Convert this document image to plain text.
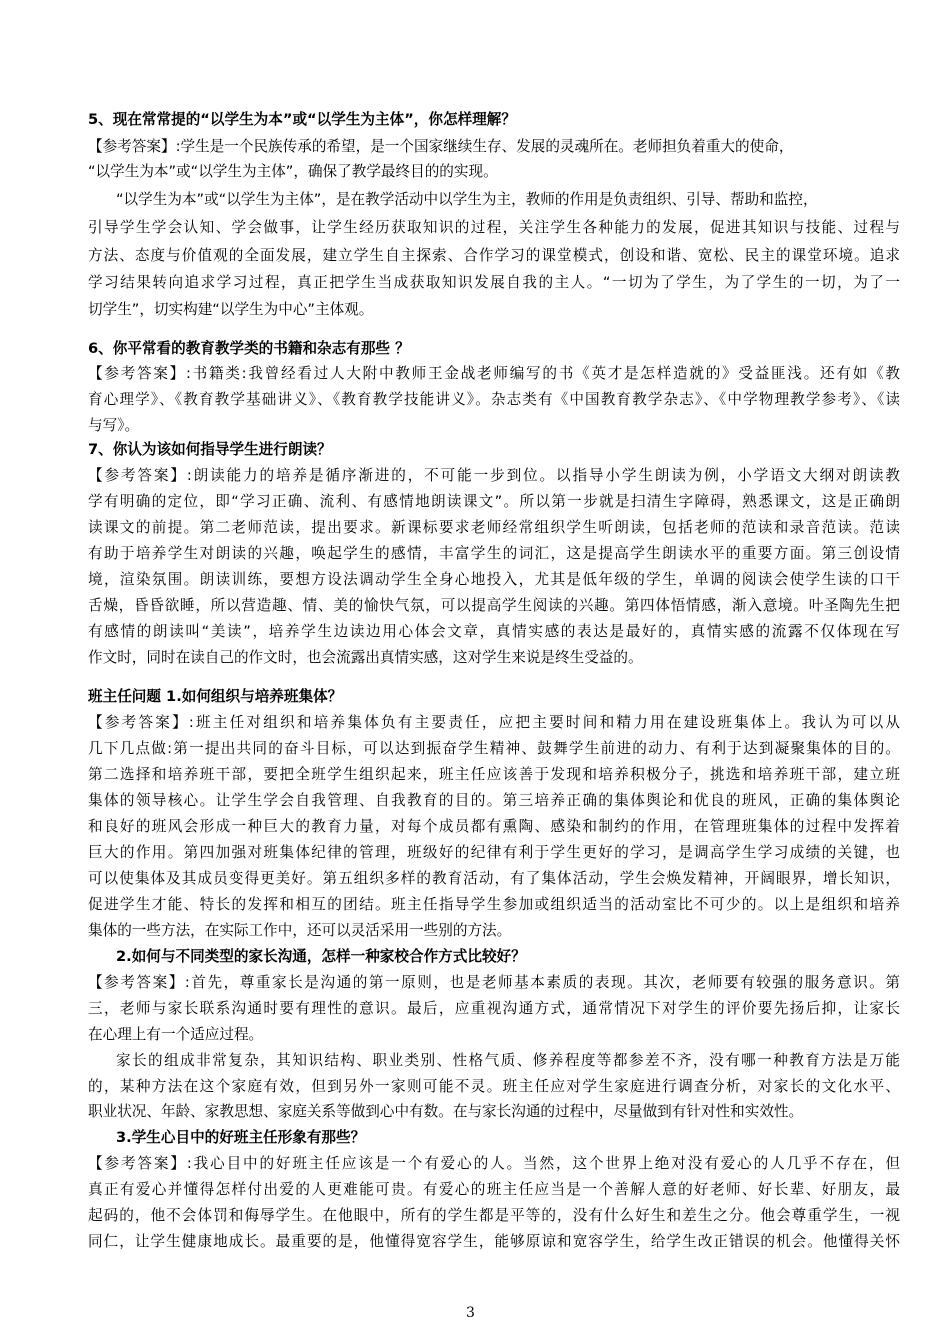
5、现在常常提的“以学生为本”或“以学生为主体”，你怎样理解？
【参考答案】:学生是一个民族传承的希望，是一个国家继续生存、发展的灵魂所在。老师担负着重大的使命，
“以学生为本”或“以学生为主体”，确保了教学最终目的的实现。
“以学生为本”或“以学生为主体”，是在教学活动中以学生为主，教师的作用是负责组织、引导、帮助和监控，
引导学生学会认知、学会做事，让学生经历获取知识的过程，关注学生各种能力的发展，促进其知识与技能、过程与
方法、态度与价值观的全面发展，建立学生自主探索、合作学习的课堂模式，创设和谐、宽松、民主的课堂环境。追求
学习结果转向追求学习过程，真正把学生当成获取知识发展自我的主人。“一切为了学生，为了学生的一切，为了一
切学生”，切实构建“以学生为中心”主体观。
6、你平常看的教育教学类的书籍和杂志有那些 ？
【参考答案】:书籍类:我曾经看过人大附中教师王金战老师编写的书《英才是怎样造就的》受益匪浅。还有如《教
育心理学》、《教育教学基础讲义》、《教育教学技能讲义》。杂志类有《中国教育教学杂志》、《中学物理教学参考》、《读
与写》。
7、你认为该如何指导学生进行朗读？
【参考答案】:朗读能力的培养是循序渐进的，不可能一步到位。以指导小学生朗读为例，小学语文大纲对朗读教
学有明确的定位，即“学习正确、流利、有感情地朗读课文”。所以第一步就是扫清生字障碍，熟悉课文，这是正确朗
读课文的前提。第二老师范读，提出要求。新课标要求老师经常组织学生听朗读，包括老师的范读和录音范读。范读
有助于培养学生对朗读的兴趣，唤起学生的感情，丰富学生的词汇，这是提高学生朗读水平的重要方面。第三创设情
境，渲染氛围。朗读训练，要想方设法调动学生全身心地投入，尤其是低年级的学生，单调的阅读会使学生读的口干
舌燥，昏昏欲睡，所以营造趣、情、美的愉快气氛，可以提高学生阅读的兴趣。第四体悟情感，渐入意境。叶圣陶先生把
有感情的朗读叫“美读”，培养学生边读边用心体会文章，真情实感的表达是最好的，真情实感的流露不仅体现在写
作文时，同时在读自己的作文时，也会流露出真情实感，这对学生来说是终生受益的。
班主任问题 1.如何组织与培养班集体？
【参考答案】:班主任对组织和培养集体负有主要责任，应把主要时间和精力用在建设班集体上。我认为可以从
几下几点做:第一提出共同的奋斗目标，可以达到振奋学生精神、鼓舞学生前进的动力、有利于达到凝聚集体的目的。
第二选择和培养班干部，要把全班学生组织起来，班主任应该善于发现和培养积极分子，挑选和培养班干部，建立班
集体的领导核心。让学生学会自我管理、自我教育的目的。第三培养正确的集体舆论和优良的班风，正确的集体舆论
和良好的班风会形成一种巨大的教育力量，对每个成员都有熏陶、感染和制约的作用，在管理班集体的过程中发挥着
巨大的作用。第四加强对班集体纪律的管理，班级好的纪律有利于学生更好的学习，是调高学生学习成绩的关键，也
可以使集体及其成员变得更美好。第五组织多样的教育活动，有了集体活动，学生会焕发精神，开阔眼界，增长知识，
促进学生才能、特长的发挥和相互的团结。班主任指导学生参加或组织适当的活动室比不可少的。以上是组织和培养
集体的一些方法，在实际工作中，还可以灵活采用一些别的方法。
2.如何与不同类型的家长沟通，怎样一种家校合作方式比较好？
【参考答案】:首先，尊重家长是沟通的第一原则，也是老师基本素质的表现。其次，老师要有较强的服务意识。第
三，老师与家长联系沟通时要有理性的意识。最后，应重视沟通方式，通常情况下对学生的评价要先扬后抑，让家长
在心理上有一个适应过程。
家长的组成非常复杂，其知识结构、职业类别、性格气质、修养程度等都参差不齐，没有哪一种教育方法是万能
的，某种方法在这个家庭有效，但到另外一家则可能不灵。班主任应对学生家庭进行调查分析，对家长的文化水平、
职业状况、年龄、家教思想、家庭关系等做到心中有数。在与家长沟通的过程中，尽量做到有针对性和实效性。
3.学生心目中的好班主任形象有那些？
【参考答案】:我心目中的好班主任应该是一个有爱心的人。当然，这个世界上绝对没有爱心的人几乎不存在，但
真正有爱心并懂得怎样付出爱的人更难能可贵。有爱心的班主任应当是一个善解人意的好老师、好长辈、好朋友，最
起码的，他不会体罚和侮辱学生。在他眼中，所有的学生都是平等的，没有什么好生和差生之分。他会尊重学生，一视
同仁，让学生健康地成长。最重要的是，他懂得宽容学生，能够原谅和宽容学生，给学生改正错误的机会。他懂得关怀
3
